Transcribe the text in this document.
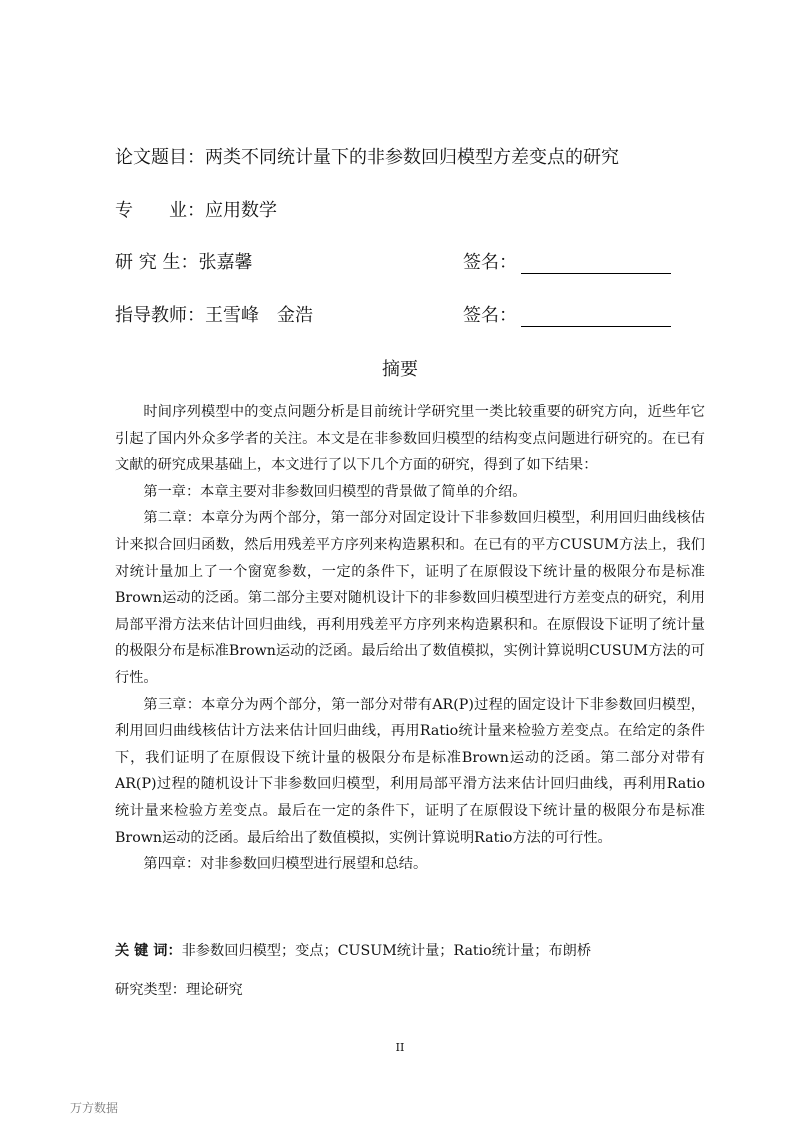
论文题目：两类不同统计量下的非参数回归模型方差变点的研究
专　　业：应用数学
研 究 生：张嘉馨	签名：
指导教师：王雪峰　金浩	签名：
摘要

时间序列模型中的变点问题分析是目前统计学研究里一类比较重要的研究方向，近些年它引起了国内外众多学者的关注。本文是在非参数回归模型的结构变点问题进行研究的。在已有文献的研究成果基础上，本文进行了以下几个方面的研究，得到了如下结果：

第一章：本章主要对非参数回归模型的背景做了简单的介绍。

第二章：本章分为两个部分，第一部分对固定设计下非参数回归模型，利用回归曲线核估计来拟合回归函数，然后用残差平方序列来构造累积和。在已有的平方CUSUM方法上，我们对统计量加上了一个窗宽参数，一定的条件下，证明了在原假设下统计量的极限分布是标准Brown运动的泛函。第二部分主要对随机设计下的非参数回归模型进行方差变点的研究，利用局部平滑方法来估计回归曲线，再利用残差平方序列来构造累积和。在原假设下证明了统计量的极限分布是标准Brown运动的泛函。最后给出了数值模拟，实例计算说明CUSUM方法的可行性。

第三章：本章分为两个部分，第一部分对带有AR(P)过程的固定设计下非参数回归模型，利用回归曲线核估计方法来估计回归曲线，再用Ratio统计量来检验方差变点。在给定的条件下，我们证明了在原假设下统计量的极限分布是标准Brown运动的泛函。第二部分对带有AR(P)过程的随机设计下非参数回归模型，利用局部平滑方法来估计回归曲线，再利用Ratio统计量来检验方差变点。最后在一定的条件下，证明了在原假设下统计量的极限分布是标准Brown运动的泛函。最后给出了数值模拟，实例计算说明Ratio方法的可行性。

第四章：对非参数回归模型进行展望和总结。

关 键 词：非参数回归模型；变点；CUSUM统计量；Ratio统计量；布朗桥
研究类型：理论研究
II
万方数据
